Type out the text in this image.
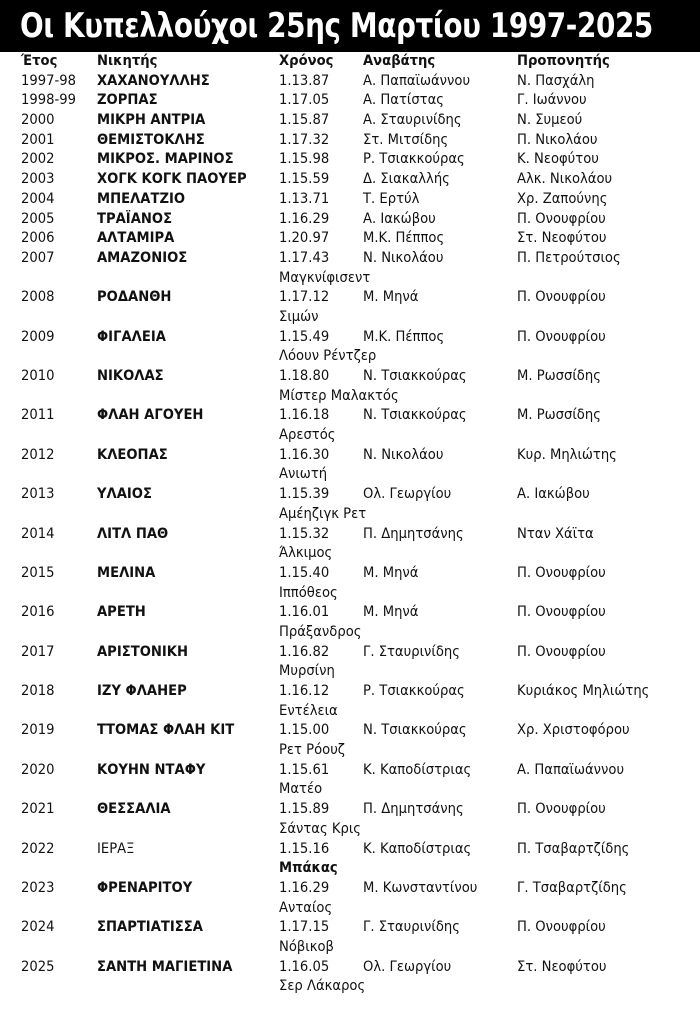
Οι Κυπελλούχοι 25ης Μαρτίου 1997-2025
Έτος	Νικητής	Χρόνος Αναβάτης	Προπονητής
1997-98 ΧΑΧΑΝΟΥΛΛΗΣ	1.13.87 Α. Παπαϊωάννου	Ν. Πασχάλη
1998-99 ΖΟΡΠΑΣ	1.17.05 Α. Πατίστας	Γ. Ιωάννου
2000	ΜΙΚΡΗ ΑΝΤΡΙΑ	1.15.87 Α. Σταυρινίδης	Ν. Συμεού
2001	ΘΕΜΙΣΤΟΚΛΗΣ	1.17.32 Στ. Μιτσίδης	Π. Νικολάου
2002	ΜΙΚΡΟΣ. ΜΑΡΙΝΟΣ	1.15.98 Ρ. Τσιακκούρας	Κ. Νεοφύτου
2003	ΧΟΓΚ ΚΟΓΚ ΠΑΟΥΕΡ 1.15.59 Δ. Σιακαλλής	Αλκ. Νικολάου
2004	ΜΠΕΛΑΤΖΙΟ	1.13.71 Τ. Ερτύλ	Χρ. Ζαπούνης
2005	ΤΡΑΪΑΝΟΣ	1.16.29 Α. Ιακώβου	Π. Ονουφρίου
2006	ΑΛΤΑΜΙΡΑ	1.20.97 Μ.Κ. Πέππος	Στ. Νεοφύτου
2007	ΑΜΑΖΟΝΙΟΣ	1.17.43 Ν. Νικολάου	Π. Πετρούτσιος
Μαγκνίφισεντ
2008	ΡΟΔΑΝΘΗ	1.17.12 Μ. Μηνά	Π. Ονουφρίου
Σιμών
2009	ΦΙΓΑΛΕΙΑ	1.15.49 Μ.Κ. Πέππος	Π. Ονουφρίου
Λόουν Ρέντζερ
2010	ΝΙΚΟΛΑΣ	1.18.80 Ν. Τσιακκούρας	Μ. Ρωσσίδης
Μίστερ Μαλακτός
2011	ΦΛΑΗ ΑΓΟΥΕΗ	1.16.18 Ν. Τσιακκούρας	Μ. Ρωσσίδης
Αρεστός
2012	ΚΛΕΟΠΑΣ	1.16.30 Ν. Νικολάου	Κυρ. Μηλιώτης
Ανιωτή
2013	ΥΛΑΙΟΣ	1.15.39 Ολ. Γεωργίου	Α. Ιακώβου
Αμέηζιγκ Ρετ
2014	ΛΙΤΛ ΠΑΘ	1.15.32 Π. Δημητσάνης	Νταν Χάϊτα
Άλκιμος
2015	ΜΕΛΙΝΑ	1.15.40 Μ. Μηνά	Π. Ονουφρίου
Ιππόθεος
2016	ΑΡΕΤΗ	1.16.01 Μ. Μηνά	Π. Ονουφρίου
Πράξανδρος
2017	ΑΡΙΣΤΟΝΙΚΗ	1.16.82 Γ. Σταυρινίδης	Π. Ονουφρίου
Μυρσίνη
2018	ΙΖΥ ΦΛΑΗΕΡ	1.16.12 Ρ. Τσιακκούρας	Κυριάκος Μηλιώτης
Εντέλεια
2019	ΤΤΟΜΑΣ ΦΛΑΗ ΚΙΤ	1.15.00 Ν. Τσιακκούρας	Χρ. Χριστοφόρου
Ρετ Ρόουζ
2020	ΚΟΥΗΝ ΝΤΑΦΥ	1.15.61 Κ. Καποδίστριας	Α. Παπαϊωάννου
Ματέο
2021	ΘΕΣΣΑΛΙΑ	1.15.89 Π. Δημητσάνης	Π. Ονουφρίου
Σάντας Κρις
2022	ΙΕΡΑΞ	1.15.16 Κ. Καποδίστριας	Π. Τσαβαρτζίδης
Μπάκας
2023	ΦΡΕΝΑΡΙΤΟΥ	1.16.29 Μ. Κωνσταντίνου	Γ. Τσαβαρτζίδης
Ανταίος
2024	ΣΠΑΡΤΙΑΤΙΣΣΑ	1.17.15 Γ. Σταυρινίδης	Π. Ονουφρίου
Νόβικοβ
2025	ΣΑΝΤΗ ΜΑΓΙΕΤΙΝΑ	1.16.05 Ολ. Γεωργίου	Στ. Νεοφύτου
Σερ Λάκαρος
